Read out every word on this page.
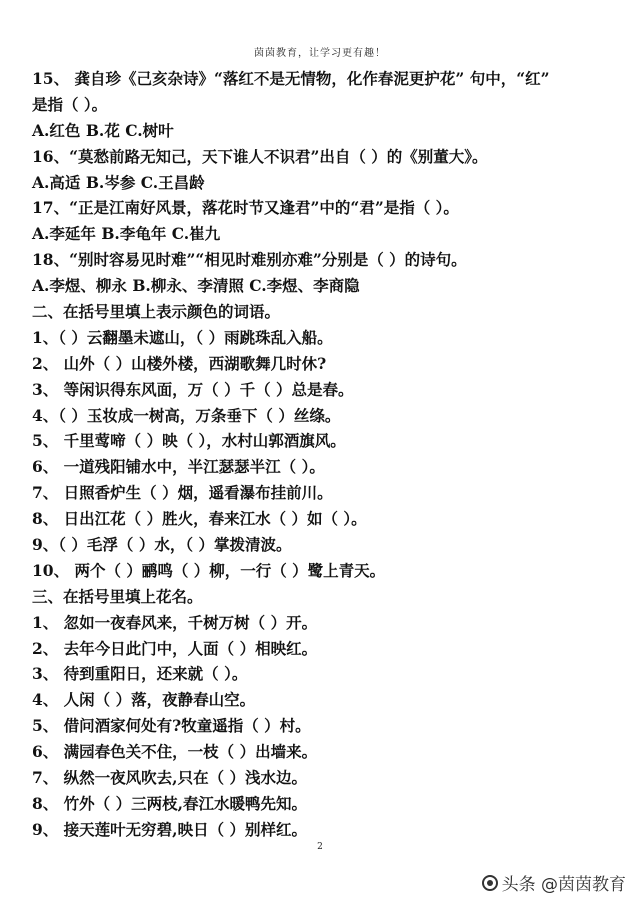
茵茵教育，让学习更有趣！
15、 龚自珍《己亥杂诗》“落红不是无情物，化作春泥更护花” 句中，“红”
是指（ ）。
A.红色 B.花 C.树叶
16、“莫愁前路无知己，天下谁人不识君”出自（ ）的《别董大》。
A.高适 B.岑参 C.王昌龄
17、“正是江南好风景，落花时节又逢君”中的“君”是指（ ）。
A.李延年 B.李龟年 C.崔九
18、“别时容易见时难”“相见时难别亦难”分别是（ ）的诗句。
A.李煜、柳永 B.柳永、李清照 C.李煜、李商隐
二、在括号里填上表示颜色的词语。
1、（ ）云翻墨未遮山，（ ）雨跳珠乱入船。
2、 山外（ ）山楼外楼，西湖歌舞几时休?
3、 等闲识得东风面，万（ ）千（ ）总是春。
4、（ ）玉妆成一树高，万条垂下（ ）丝绦。
5、 千里莺啼（ ）映（ ），水村山郭酒旗风。
6、 一道残阳铺水中，半江瑟瑟半江（ ）。
7、 日照香炉生（ ）烟，遥看瀑布挂前川。
8、 日出江花（ ）胜火，春来江水（ ）如（ ）。
9、（ ）毛浮（ ）水，（ ）掌拨清波。
10、 两个（ ）鹂鸣（ ）柳，一行（ ）鹭上青天。
三、在括号里填上花名。
1、 忽如一夜春风来，千树万树（ ）开。
2、 去年今日此门中，人面（ ）相映红。
3、 待到重阳日，还来就（ ）。
4、 人闲（ ）落，夜静春山空。
5、 借问酒家何处有?牧童遥指（ ）村。
6、 满园春色关不住，一枝（ ）出墙来。
7、 纵然一夜风吹去,只在（ ）浅水边。
8、 竹外（ ）三两枝,春江水暖鸭先知。
9、 接天莲叶无穷碧,映日（ ）别样红。
2
头条 @茵茵教育
